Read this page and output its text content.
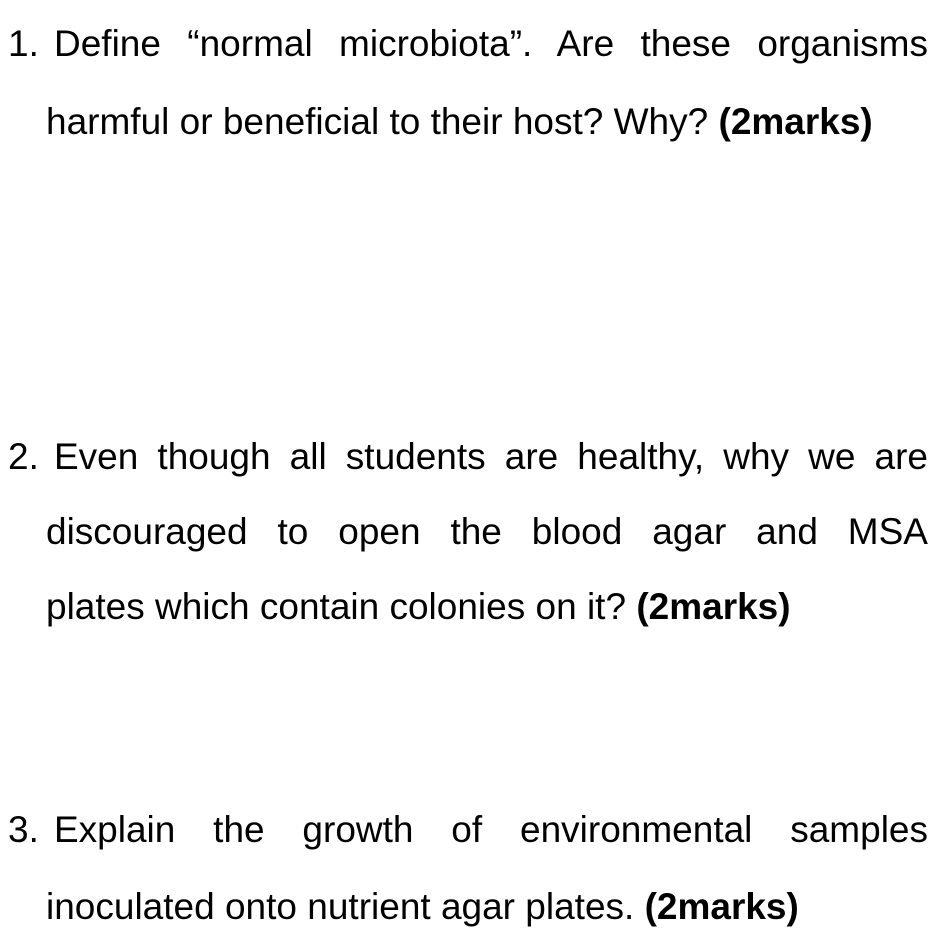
1. Define “normal microbiota”. Are these organisms
harmful or beneficial to their host? Why? (2marks)
2. Even though all students are healthy, why we are
discouraged to open the blood agar and MSA
plates which contain colonies on it? (2marks)
3. Explain the growth of environmental samples
inoculated onto nutrient agar plates. (2marks)
